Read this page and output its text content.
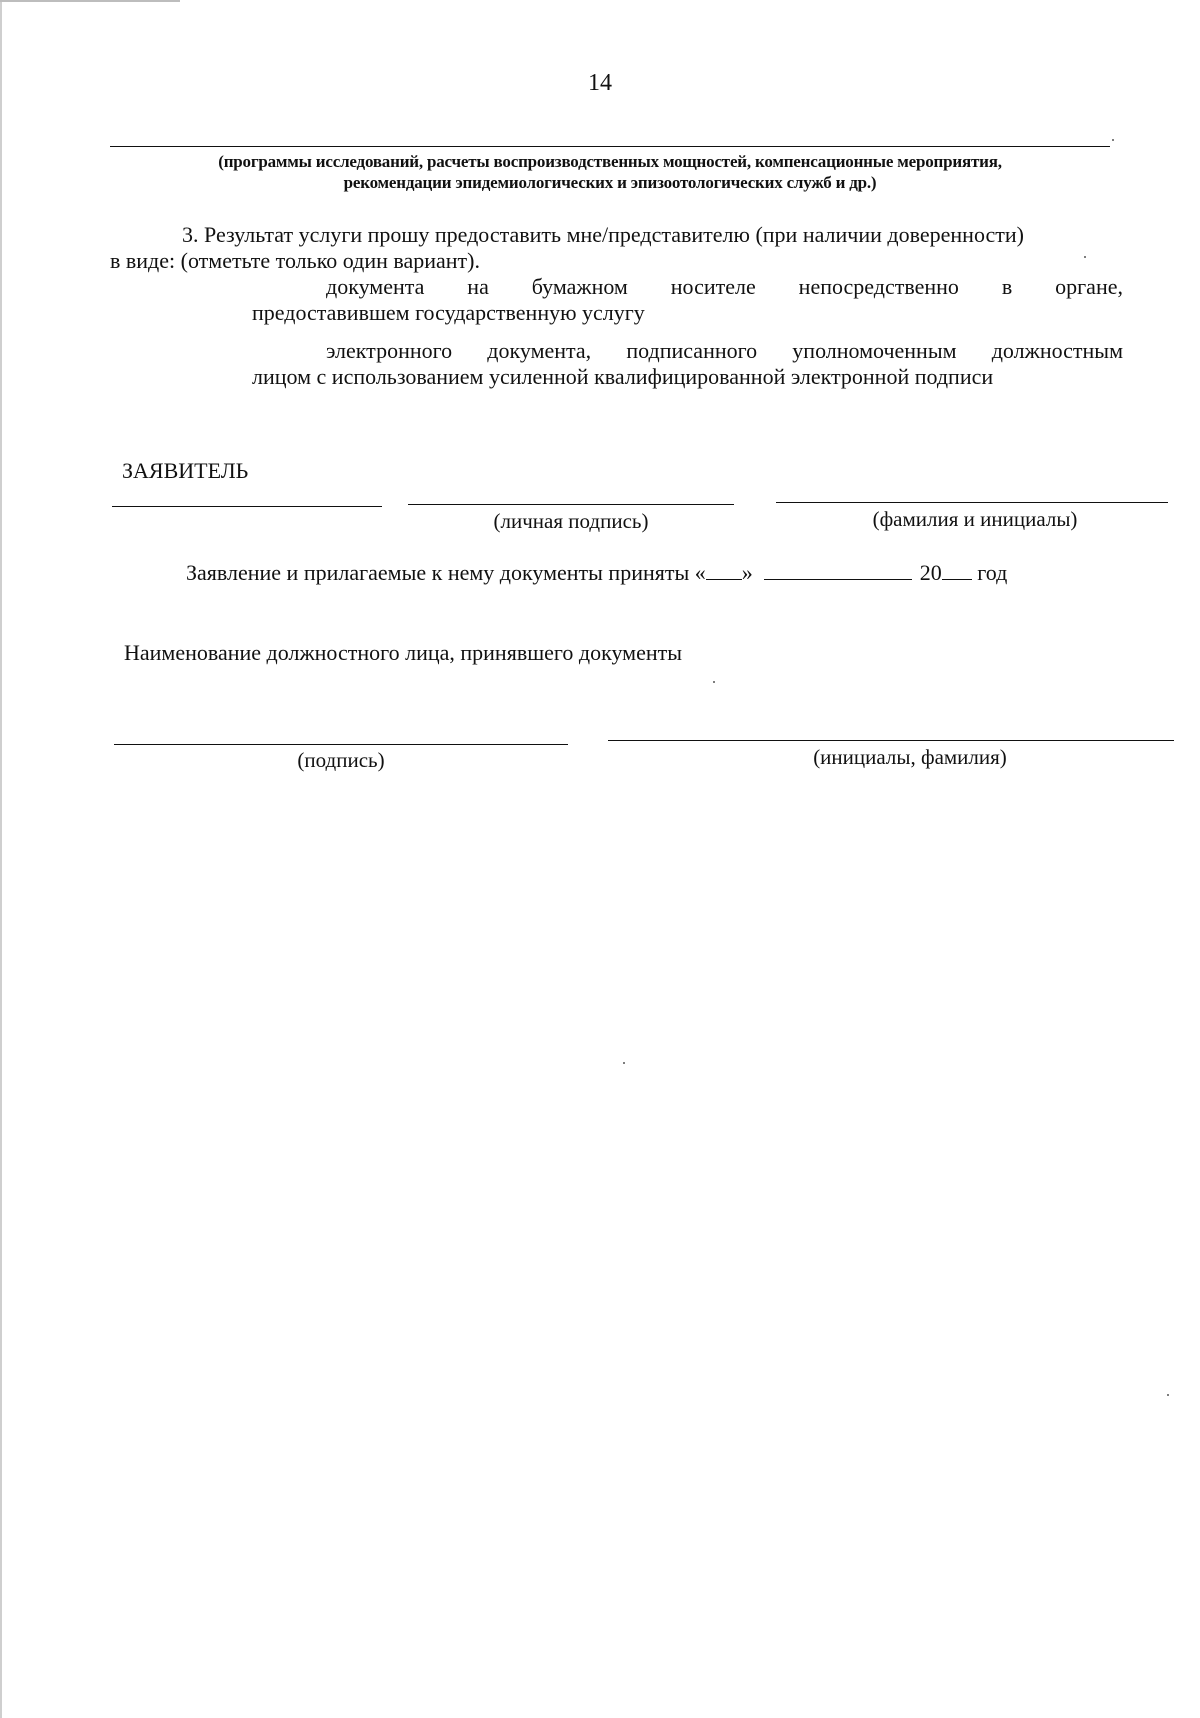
14
(программы исследований, расчеты воспроизводственных мощностей, компенсационные мероприятия,
рекомендации эпидемиологических и эпизоотологических служб и др.)
3. Результат услуги прошу предоставить мне/представителю (при наличии доверенности)
в виде: (отметьте только один вариант).
документа на бумажном носителе непосредственно в органе,
предоставившем государственную услугу
электронного документа, подписанного уполномоченным должностным
лицом с использованием усиленной квалифицированной электронной подписи
ЗАЯВИТЕЛЬ
(личная подпись)	(фамилия и инициалы)
Заявление и прилагаемые к нему документы приняты « »	20 год
Наименование должностного лица, принявшего документы
(подпись)	(инициалы, фамилия)
